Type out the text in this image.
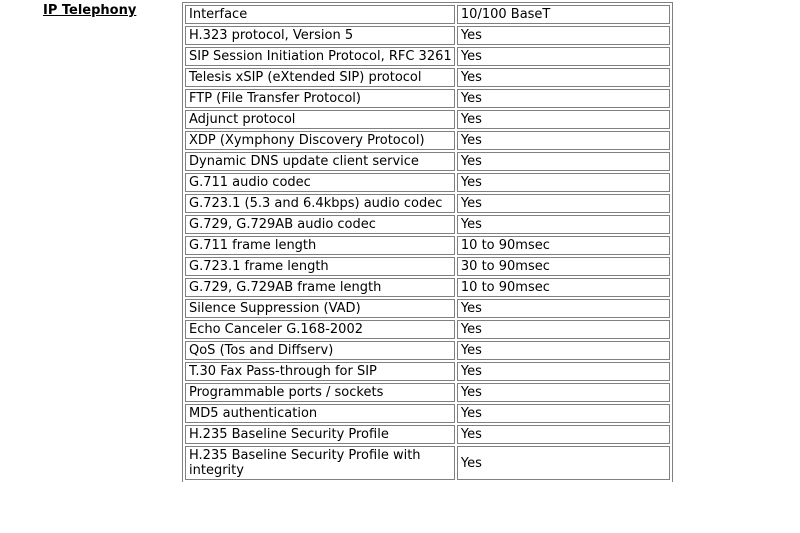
IP Telephony	Interface	10/100 BaseT
H.323 protocol, Version 5	Yes
SIP Session Initiation Protocol, RFC 3261	Yes
Telesis xSIP (eXtended SIP) protocol	Yes
FTP (File Transfer Protocol)	Yes
Adjunct protocol	Yes
XDP (Xymphony Discovery Protocol)	Yes
Dynamic DNS update client service	Yes
G.711 audio codec	Yes
G.723.1 (5.3 and 6.4kbps) audio codec	Yes
G.729, G.729AB audio codec	Yes
G.711 frame length	10 to 90msec
G.723.1 frame length	30 to 90msec
G.729, G.729AB frame length	10 to 90msec
Silence Suppression (VAD)	Yes
Echo Canceler G.168-2002	Yes
QoS (Tos and Diffserv)	Yes
T.30 Fax Pass-through for SIP	Yes
Programmable ports / sockets	Yes
MD5 authentication	Yes
H.235 Baseline Security Profile	Yes
H.235 Baseline Security Profile with integrity	Yes
